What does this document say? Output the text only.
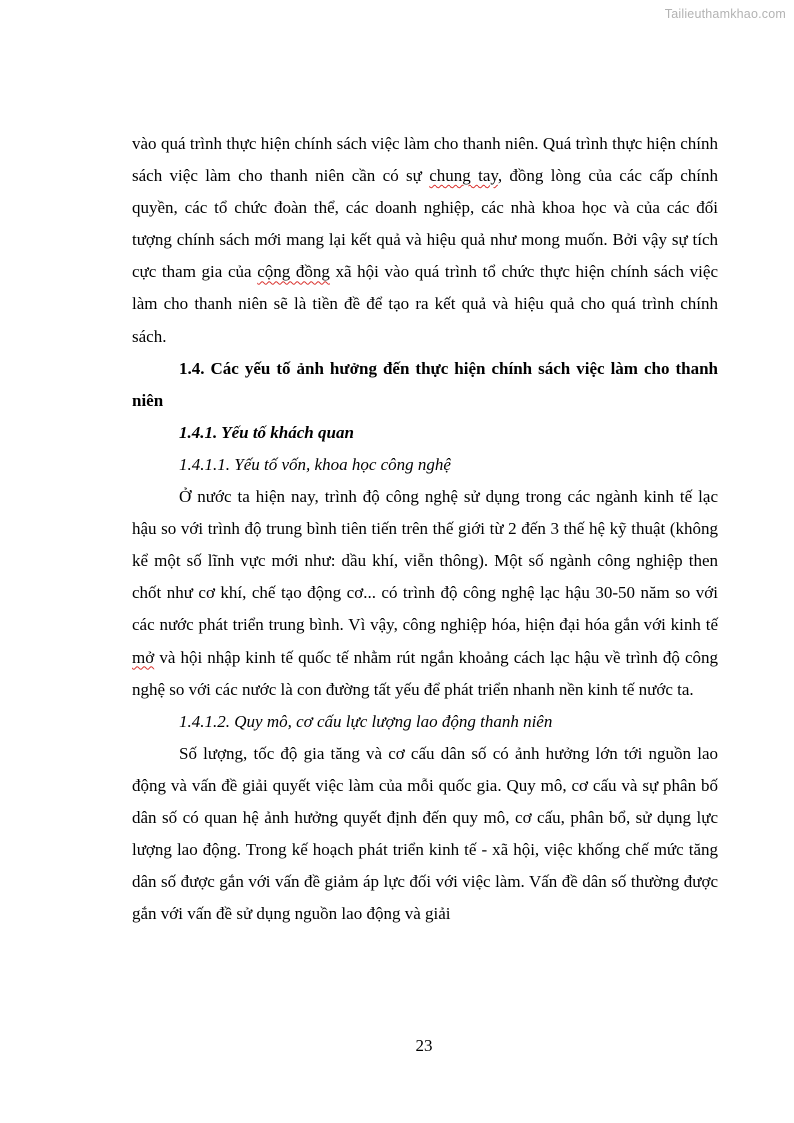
Tailieuthamkhao.com

vào quá trình thực hiện chính sách việc làm cho thanh niên. Quá trình thực hiện chính sách việc làm cho thanh niên cần có sự chung tay, đồng lòng của các cấp chính quyền, các tổ chức đoàn thể, các doanh nghiệp, các nhà khoa học và của các đối tượng chính sách mới mang lại kết quả và hiệu quả như mong muốn. Bởi vậy sự tích cực tham gia của cộng đồng xã hội vào quá trình tổ chức thực hiện chính sách việc làm cho thanh niên sẽ là tiền đề để tạo ra kết quả và hiệu quả cho quá trình chính sách.

1.4. Các yếu tố ảnh hưởng đến thực hiện chính sách việc làm cho thanh niên

1.4.1. Yếu tố khách quan

1.4.1.1. Yếu tố vốn, khoa học công nghệ

Ở nước ta hiện nay, trình độ công nghệ sử dụng trong các ngành kinh tế lạc hậu so với trình độ trung bình tiên tiến trên thế giới từ 2 đến 3 thế hệ kỹ thuật (không kể một số lĩnh vực mới như: dầu khí, viễn thông). Một số ngành công nghiệp then chốt như cơ khí, chế tạo động cơ... có trình độ công nghệ lạc hậu 30-50 năm so với các nước phát triển trung bình. Vì vậy, công nghiệp hóa, hiện đại hóa gắn với kinh tế mở và hội nhập kinh tế quốc tế nhằm rút ngắn khoảng cách lạc hậu về trình độ công nghệ so với các nước là con đường tất yếu để phát triển nhanh nền kinh tế nước ta.

1.4.1.2. Quy mô, cơ cấu lực lượng lao động thanh niên

Số lượng, tốc độ gia tăng và cơ cấu dân số có ảnh hưởng lớn tới nguồn lao động và vấn đề giải quyết việc làm của mỗi quốc gia. Quy mô, cơ cấu và sự phân bố dân số có quan hệ ảnh hưởng quyết định đến quy mô, cơ cấu, phân bổ, sử dụng lực lượng lao động. Trong kế hoạch phát triển kinh tế - xã hội, việc khống chế mức tăng dân số được gắn với vấn đề giảm áp lực đối với việc làm. Vấn đề dân số thường được gắn với vấn đề sử dụng nguồn lao động và giải

23
